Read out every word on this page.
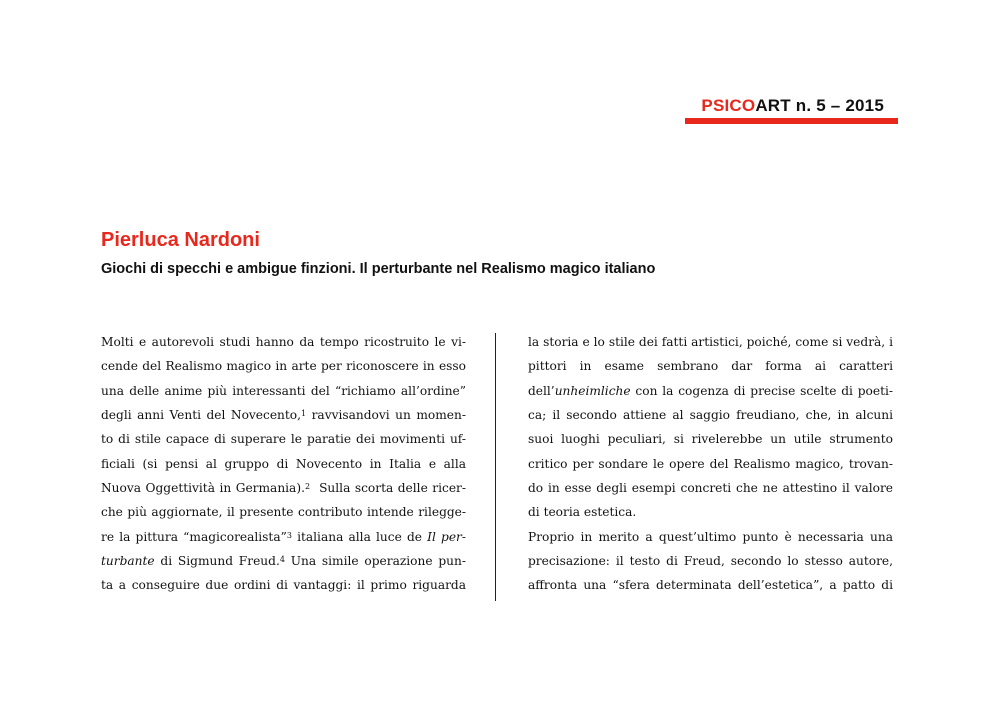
PSICOART n. 5 – 2015
Pierluca Nardoni
Giochi di specchi e ambigue finzioni. Il perturbante nel Realismo magico italiano
Molti e autorevoli studi hanno da tempo ricostruito le vi-
cende del Realismo magico in arte per riconoscere in esso
una delle anime più interessanti del “richiamo all’ordine”
degli anni Venti del Novecento,$^1$ ravvisandovi un momen-
to di stile capace di superare le paratie dei movimenti uf-
ficiali (si pensi al gruppo di Novecento in Italia e alla
Nuova Oggettività in Germania).$^2$ Sulla scorta delle ricer-
che più aggiornate, il presente contributo intende rilegge-
re la pittura “magicorealista”$^3$ italiana alla luce de Il per-
turbante di Sigmund Freud.$^4$ Una simile operazione pun-
ta a conseguire due ordini di vantaggi: il primo riguarda
la storia e lo stile dei fatti artistici, poiché, come si vedrà, i
pittori in esame sembrano dar forma ai caratteri
dell’unheimliche con la cogenza di precise scelte di poeti-
ca; il secondo attiene al saggio freudiano, che, in alcuni
suoi luoghi peculiari, si rivelerebbe un utile strumento
critico per sondare le opere del Realismo magico, trovan-
do in esse degli esempi concreti che ne attestino il valore
di teoria estetica.
Proprio in merito a quest’ultimo punto è necessaria una
precisazione: il testo di Freud, secondo lo stesso autore,
affronta una “sfera determinata dell’estetica”, a patto di
